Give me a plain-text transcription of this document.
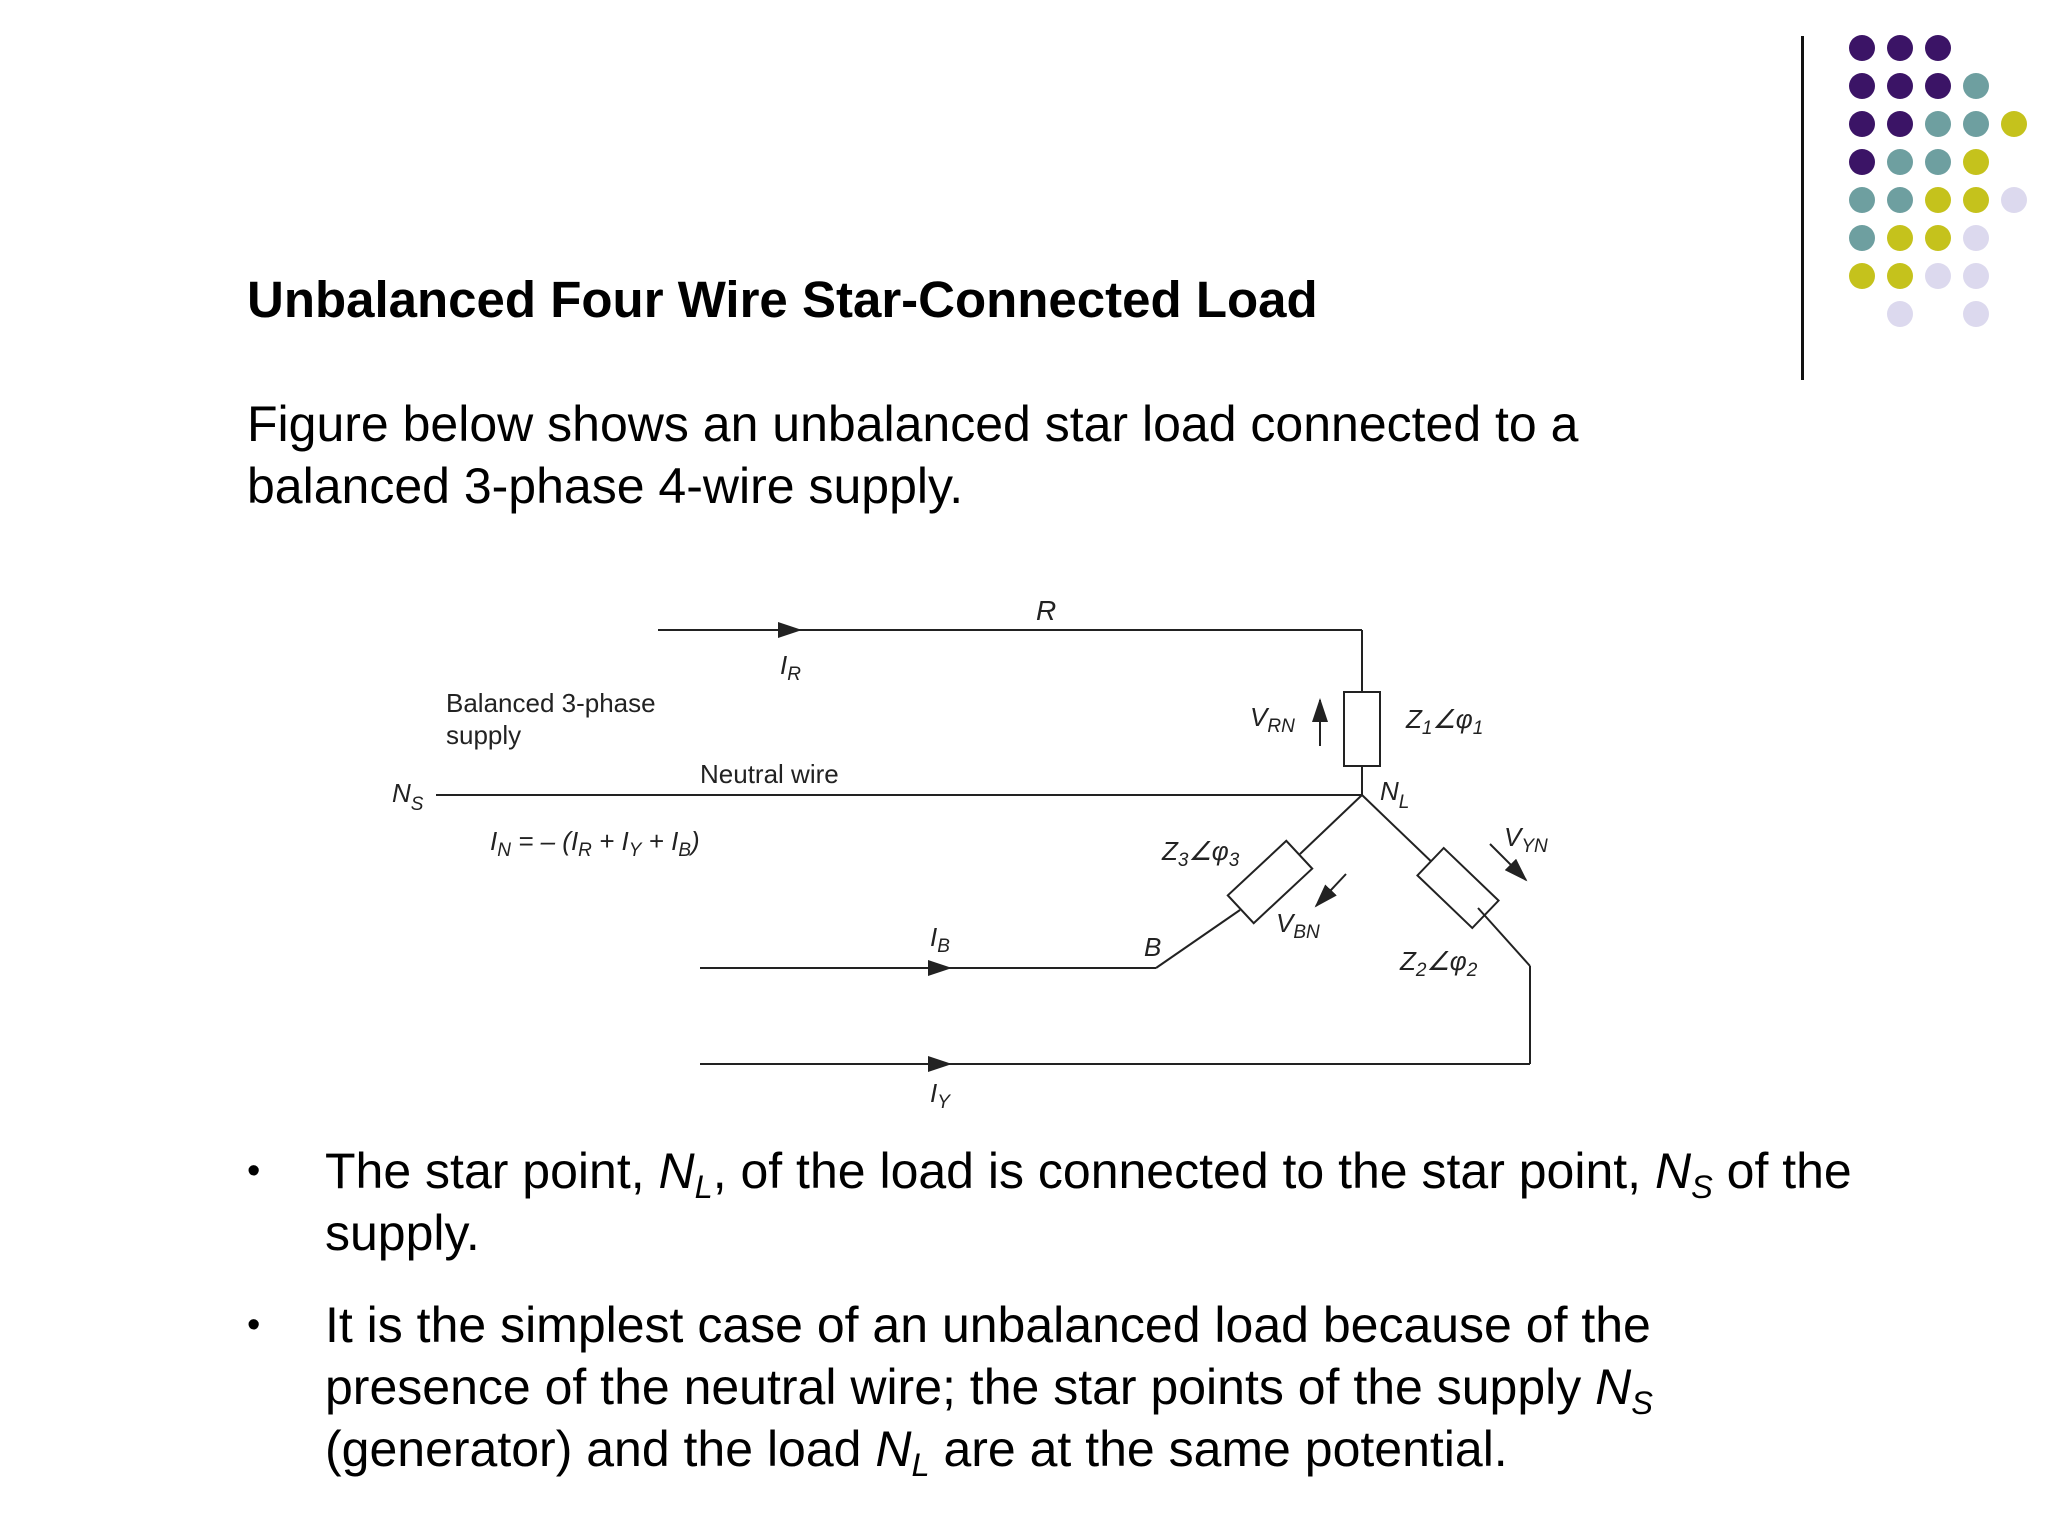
Unbalanced Four Wire Star-Connected Load

Figure below shows an unbalanced star load connected to a balanced 3-phase 4-wire supply.

R
$I_R$
Balanced 3-phase
supply
Neutral wire
$N_S$
$I_N$ = – $(I_R + I_Y + I_B)$
$V_{RN}$	$Z_1\angle\varphi_1$
$N_L$
$V_{YN}$
$Z_3\angle\varphi_3$
$V_{BN}$
$I_B$	B	$Z_2\angle\varphi_2$
$I_Y$
• The star point, $N_L$, of the load is connected to the star point, $N_S$ of the supply.
• It is the simplest case of an unbalanced load because of the presence of the neutral wire; the star points of the supply $N_S$ (generator) and the load $N_L$ are at the same potential.
